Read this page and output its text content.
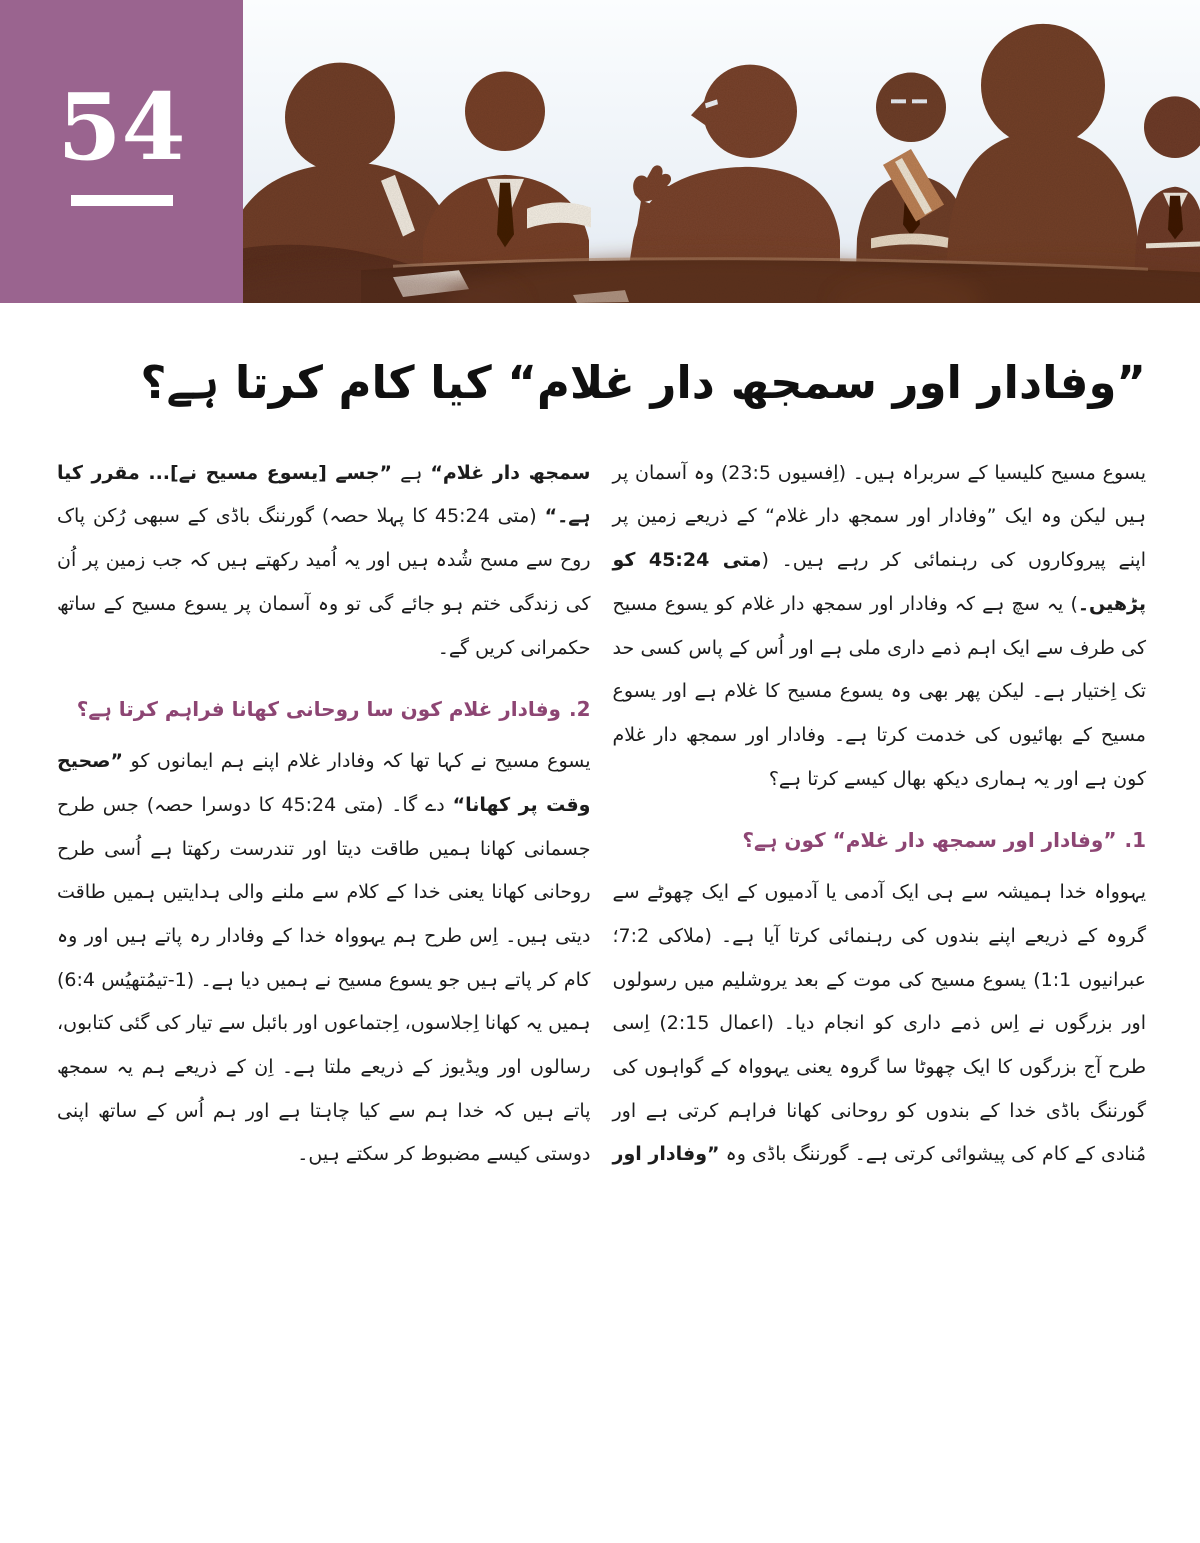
54
”وفادار اور سمجھ دار غلام“ کیا کام کرتا ہے؟

یسوع مسیح کلیسیا کے سربراہ ہیں۔ (اِفسیوں 23:5) وہ آسمان پر ہیں لیکن وہ ایک ”وفادار اور سمجھ دار غلام“ کے ذریعے زمین پر اپنے پیروکاروں کی رہنمائی کر رہے ہیں۔ (متی 45:24 کو پڑھیں۔) یہ سچ ہے کہ وفادار اور سمجھ دار غلام کو یسوع مسیح کی طرف سے ایک اہم ذمے داری ملی ہے اور اُس کے پاس کسی حد تک اِختیار ہے۔ لیکن پھر بھی وہ یسوع مسیح کا غلام ہے اور یسوع مسیح کے بھائیوں کی خدمت کرتا ہے۔ وفادار اور سمجھ دار غلام کون ہے اور یہ ہماری دیکھ بھال کیسے کرتا ہے؟

1.”وفادار اور سمجھ دار غلام“ کون ہے؟

یہوواہ خدا ہمیشہ سے ہی ایک آدمی یا آدمیوں کے ایک چھوٹے سے گروہ کے ذریعے اپنے بندوں کی رہنمائی کرتا آیا ہے۔ (ملاکی 7:2؛ عبرانیوں 1:1) یسوع مسیح کی موت کے بعد یروشلیم میں رسولوں اور بزرگوں نے اِس ذمے داری کو انجام دیا۔ (اعمال 2:15) اِسی طرح آج بزرگوں کا ایک چھوٹا سا گروہ یعنی یہوواہ کے گواہوں کی گورننگ باڈی خدا کے بندوں کو روحانی کھانا فراہم کرتی ہے اور مُنادی کے کام کی پیشوائی کرتی ہے۔ گورننگ باڈی وہ ”وفادار اور سمجھ دار غلام“ ہے ”جسے [یسوع مسیح نے]... مقرر کیا ہے۔“ (متی 45:24 کا پہلا حصہ) گورننگ باڈی کے سبھی رُکن پاک روح سے مسح شُدہ ہیں اور یہ اُمید رکھتے ہیں کہ جب زمین پر اُن کی زندگی ختم ہو جائے گی تو وہ آسمان پر یسوع مسیح کے ساتھ حکمرانی کریں گے۔

2.وفادار غلام کون سا روحانی کھانا فراہم کرتا ہے؟

یسوع مسیح نے کہا تھا کہ وفادار غلام اپنے ہم ایمانوں کو ”صحیح وقت پر کھانا“ دے گا۔ (متی 45:24 کا دوسرا حصہ) جس طرح جسمانی کھانا ہمیں طاقت دیتا اور تندرست رکھتا ہے اُسی طرح روحانی کھانا یعنی خدا کے کلام سے ملنے والی ہدایتیں ہمیں طاقت دیتی ہیں۔ اِس طرح ہم یہوواہ خدا کے وفادار رہ پاتے ہیں اور وہ کام کر پاتے ہیں جو یسوع مسیح نے ہمیں دیا ہے۔ (1-تیمُتھیُس 6:4) ہمیں یہ کھانا اِجلاسوں، اِجتماعوں اور بائبل سے تیار کی گئی کتابوں، رسالوں اور ویڈیوز کے ذریعے ملتا ہے۔ اِن کے ذریعے ہم یہ سمجھ پاتے ہیں کہ خدا ہم سے کیا چاہتا ہے اور ہم اُس کے ساتھ اپنی دوستی کیسے مضبوط کر سکتے ہیں۔
